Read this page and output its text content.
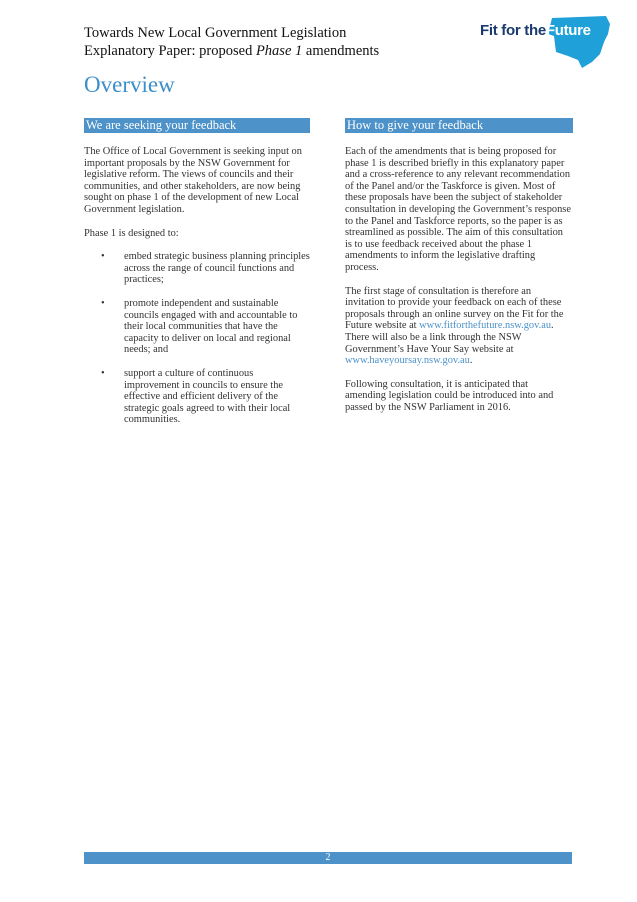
Towards New Local Government Legislation
Explanatory Paper: proposed Phase 1 amendments
Fit for theFuture
Overview
We are seeking your feedback

The Office of Local Government is seeking input on important proposals by the NSW Government for legislative reform. The views of councils and their communities, and other stakeholders, are now being sought on phase 1 of the development of new Local Government legislation.

Phase 1 is designed to:

• embed strategic business planning principles across the range of council functions and practices;
• promote independent and sustainable councils engaged with and accountable to their local communities that have the capacity to deliver on local and regional needs; and
• support a culture of continuous improvement in councils to ensure the effective and efficient delivery of the strategic goals agreed to with their local communities.
How to give your feedback

Each of the amendments that is being proposed for phase 1 is described briefly in this explanatory paper and a cross-reference to any relevant recommendation of the Panel and/or the Taskforce is given. Most of these proposals have been the subject of stakeholder consultation in developing the Government’s response to the Panel and Taskforce reports, so the paper is as streamlined as possible. The aim of this consultation is to use feedback received about the phase 1 amendments to inform the legislative drafting process.

The first stage of consultation is therefore an invitation to provide your feedback on each of these proposals through an online survey on the Fit for the Future website at www.fitforthefuture.nsw.gov.au. There will also be a link through the NSW Government’s Have Your Say website at www.haveyoursay.nsw.gov.au.

Following consultation, it is anticipated that amending legislation could be introduced into and passed by the NSW Parliament in 2016.

2
